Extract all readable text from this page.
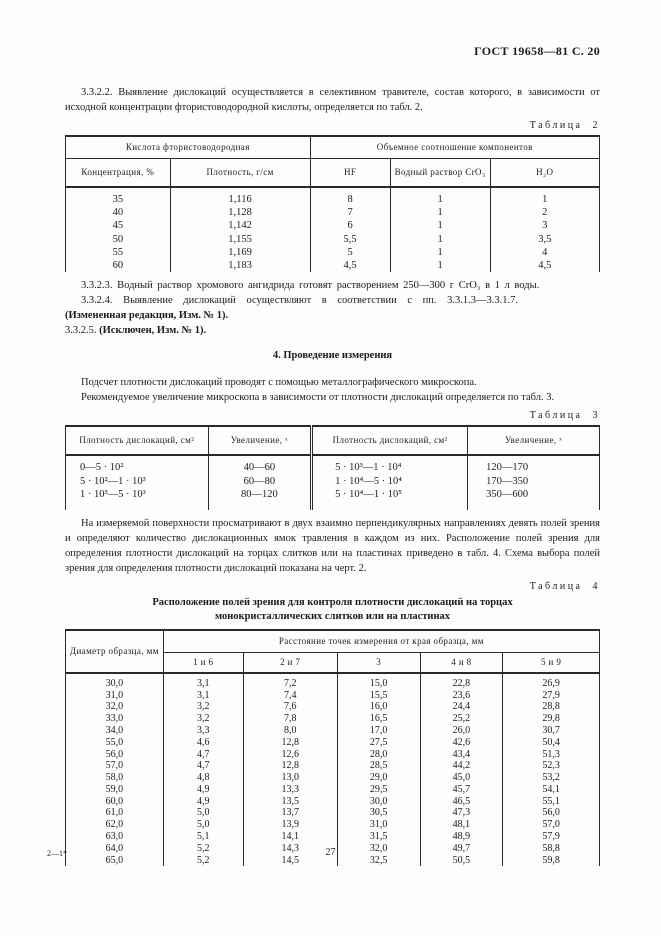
ГОСТ 19658—81 С. 20

3.3.2.2. Выявление дислокаций осуществляется в селективном травителе, состав которого, в зависимости от исходной концентрации фтористоводородной кислоты, определяется по табл. 2.

Таблица 2
Кислота фтористоводородная		Объемное соотношение компонентов		
Концентрация, %	Плотность, г/см	HF	Водный раствор CrO₃	H₂O
35	1,116	8	1	1
40	1,128	7	1	2
45	1,142	6	1	3
50	1,155	5,5	1	3,5
55	1,169	5	1	4
60	1,183	4,5	1	4,5

3.3.2.3. Водный раствор хромового ангидрида готовят растворением 250—300 г CrO₃ в 1 л воды.

3.3.2.4. Выявление дислокаций осуществляют в соответствии с пп. 3.3.1.3—3.3.1.7.

(Измененная редакция, Изм. № 1).

3.3.2.5. (Исключен, Изм. № 1).

4. Проведение измерения

Подсчет плотности дислокаций проводят с помощью металлографического микроскопа.

Рекомендуемое увеличение микроскопа в зависимости от плотности дислокаций определяется по табл. 3.

Таблица 3
Плотность дислокаций, см²	Увеличение, ˣ	Плотность дислокаций, см²	Увеличение, ˣ
0—5 · 10²	40—60	5 · 10³—1 · 10⁴	120—170
5 · 10²—1 · 10³	60—80	1 · 10⁴—5 · 10⁴	170—350
1 · 10³—5 · 10³	80—120	5 · 10⁴—1 · 10⁵	350—600

На измеряемой поверхности просматривают в двух взаимно перпендикулярных направлениях девять полей зрения и определяют количество дислокационных ямок травления в каждом из них. Расположение полей зрения для определения плотности дислокаций на торцах слитков или на пластинах приведено в табл. 4. Схема выбора полей зрения для определения плотности дислокаций показана на черт. 2.

Таблица 4

Расположение полей зрения для контроля плотности дислокаций на торцах монокристаллических слитков или на пластинах

Диаметр образца, мм	Расстояние точек измерения от края образца, мм				
	1 и 6	2 и 7	3	4 и 8	5 и 9
30,0	3,1	7,2	15,0	22,8	26,9
31,0	3,1	7,4	15,5	23,6	27,9
32,0	3,2	7,6	16,0	24,4	28,8
33,0	3,2	7,8	16,5	25,2	29,8
34,0	3,3	8,0	17,0	26,0	30,7
55,0	4,6	12,8	27,5	42,6	50,4
56,0	4,7	12,6	28,0	43,4	51,3
57,0	4,7	12,8	28,5	44,2	52,3
58,0	4,8	13,0	29,0	45,0	53,2
59,0	4,9	13,3	29,5	45,7	54,1
60,0	4,9	13,5	30,0	46,5	55,1
61,0	5,0	13,7	30,5	47,3	56,0
62,0	5,0	13,9	31,0	48,1	57,0
63,0	5,1	14,1	31,5	48,9	57,9
64,0	5,2	14,3	32,0	49,7	58,8
65,0	5,2	14,5	32,5	50,5	59,8
2—1*	27
